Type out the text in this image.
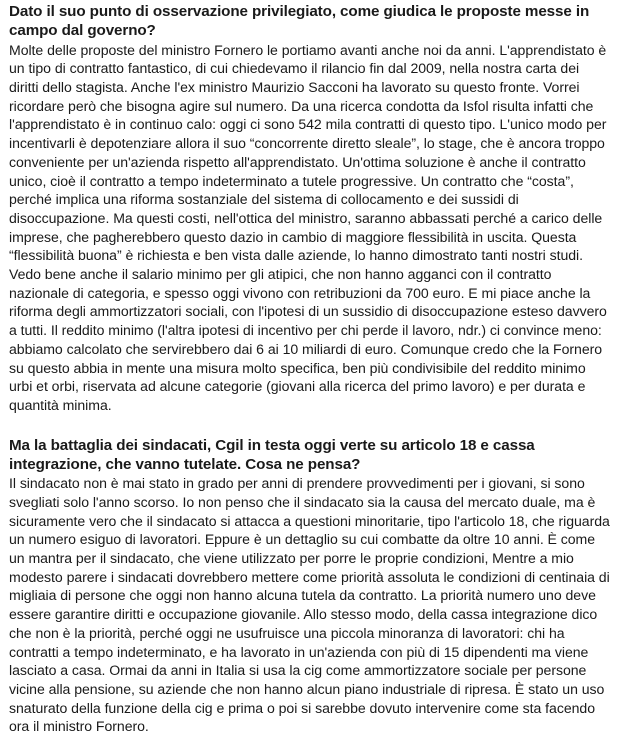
Dato il suo punto di osservazione privilegiato, come giudica le proposte messe in campo dal governo?

Molte delle proposte del ministro Fornero le portiamo avanti anche noi da anni. L'apprendistato è un tipo di contratto fantastico, di cui chiedevamo il rilancio fin dal 2009, nella nostra carta dei diritti dello stagista. Anche l'ex ministro Maurizio Sacconi ha lavorato su questo fronte. Vorrei ricordare però che bisogna agire sul numero. Da una ricerca condotta da Isfol risulta infatti che l'apprendistato è in continuo calo: oggi ci sono 542 mila contratti di questo tipo. L'unico modo per incentivarli è depotenziare allora il suo “concorrente diretto sleale”, lo stage, che è ancora troppo conveniente per un'azienda rispetto all'apprendistato. Un'ottima soluzione è anche il contratto unico, cioè il contratto a tempo indeterminato a tutele progressive. Un contratto che “costa”, perché implica una riforma sostanziale del sistema di collocamento e dei sussidi di disoccupazione. Ma questi costi, nell'ottica del ministro, saranno abbassati perché a carico delle imprese, che pagherebbero questo dazio in cambio di maggiore flessibilità in uscita. Questa “flessibilità buona” è richiesta e ben vista dalle aziende, lo hanno dimostrato tanti nostri studi. Vedo bene anche il salario minimo per gli atipici, che non hanno agganci con il contratto nazionale di categoria, e spesso oggi vivono con retribuzioni da 700 euro. E mi piace anche la riforma degli ammortizzatori sociali, con l'ipotesi di un sussidio di disoccupazione esteso davvero a tutti. Il reddito minimo (l'altra ipotesi di incentivo per chi perde il lavoro, ndr.) ci convince meno: abbiamo calcolato che servirebbero dai 6 ai 10 miliardi di euro. Comunque credo che la Fornero su questo abbia in mente una misura molto specifica, ben più condivisibile del reddito minimo urbi et orbi, riservata ad alcune categorie (giovani alla ricerca del primo lavoro) e per durata e quantità minima.

Ma la battaglia dei sindacati, Cgil in testa oggi verte su articolo 18 e cassa integrazione, che vanno tutelate. Cosa ne pensa?

Il sindacato non è mai stato in grado per anni di prendere provvedimenti per i giovani, si sono svegliati solo l'anno scorso. Io non penso che il sindacato sia la causa del mercato duale, ma è sicuramente vero che il sindacato si attacca a questioni minoritarie, tipo l'articolo 18, che riguarda un numero esiguo di lavoratori. Eppure è un dettaglio su cui combatte da oltre 10 anni. È come un mantra per il sindacato, che viene utilizzato per porre le proprie condizioni, Mentre a mio modesto parere i sindacati dovrebbero mettere come priorità assoluta le condizioni di centinaia di migliaia di persone che oggi non hanno alcuna tutela da contratto. La priorità numero uno deve essere garantire diritti e occupazione giovanile. Allo stesso modo, della cassa integrazione dico che non è la priorità, perché oggi ne usufruisce una piccola minoranza di lavoratori: chi ha contratti a tempo indeterminato, e ha lavorato in un'azienda con più di 15 dipendenti ma viene lasciato a casa. Ormai da anni in Italia si usa la cig come ammortizzatore sociale per persone vicine alla pensione, su aziende che non hanno alcun piano industriale di ripresa. È stato un uso snaturato della funzione della cig e prima o poi si sarebbe dovuto intervenire come sta facendo ora il ministro Fornero.
